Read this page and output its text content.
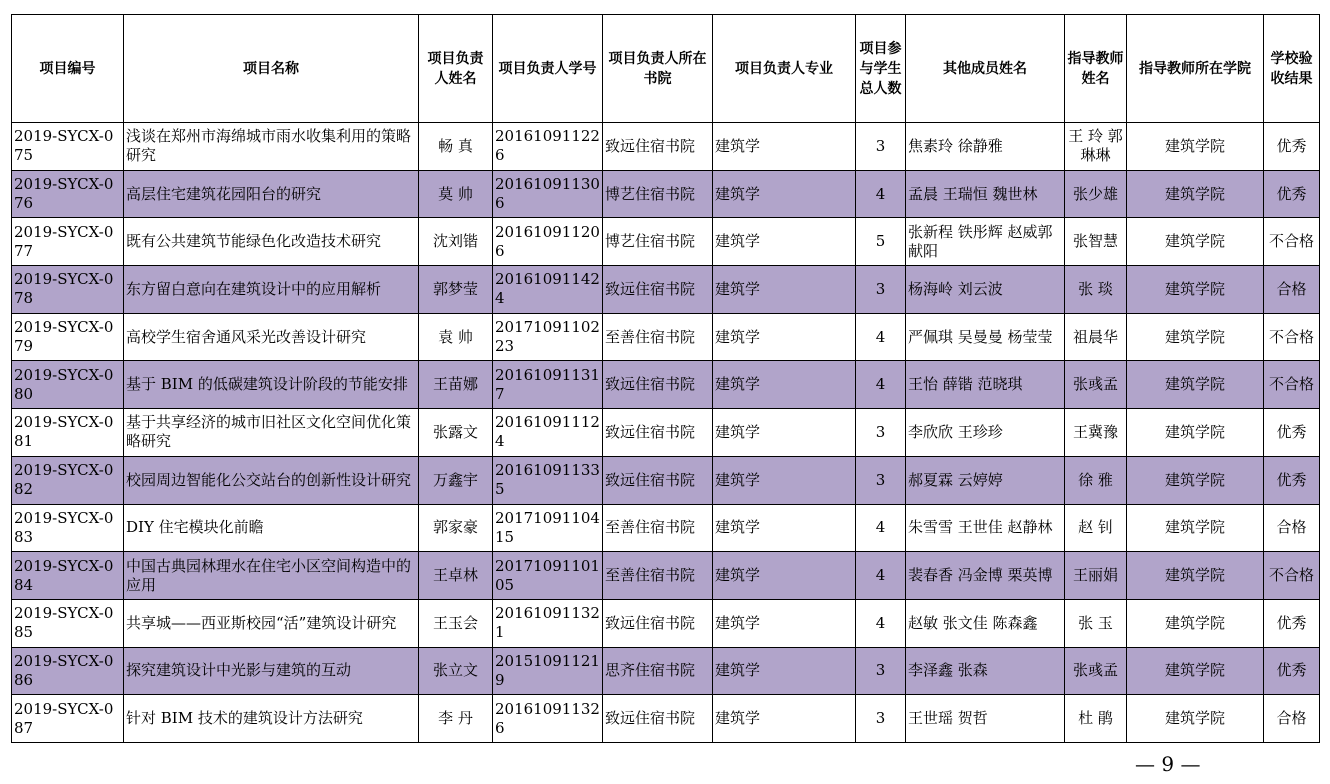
项目编号	项目名称	项目负责人姓名	项目负责人学号	项目负责人所在书院	项目负责人专业	项目参与学生总人数	其他成员姓名	指导教师姓名	指导教师所在学院	学校验收结果
2019-SYCX-075	浅谈在郑州市海绵城市雨水收集利用的策略研究	畅 真	201610911226	致远住宿书院	建筑学	3	焦素玲 徐静雅	王 玲 郭琳琳	建筑学院	优秀
2019-SYCX-076	高层住宅建筑花园阳台的研究	莫 帅	201610911306	博艺住宿书院	建筑学	4	孟晨 王瑞恒 魏世林	张少雄	建筑学院	优秀
2019-SYCX-077	既有公共建筑节能绿色化改造技术研究	沈刘锴	201610911206	博艺住宿书院	建筑学	5	张新程 铁彤辉 赵威郭献阳	张智慧	建筑学院	不合格
2019-SYCX-078	东方留白意向在建筑设计中的应用解析	郭梦莹	201610911424	致远住宿书院	建筑学	3	杨海岭 刘云波	张 琰	建筑学院	合格
2019-SYCX-079	高校学生宿舍通风采光改善设计研究	袁 帅	2017109110223	至善住宿书院	建筑学	4	严佩琪 吴曼曼 杨莹莹	祖晨华	建筑学院	不合格
2019-SYCX-080	基于 BIM 的低碳建筑设计阶段的节能安排	王苗娜	201610911317	致远住宿书院	建筑学	4	王怡 薛锴 范晓琪	张彧孟	建筑学院	不合格
2019-SYCX-081	基于共享经济的城市旧社区文化空间优化策略研究	张露文	201610911124	致远住宿书院	建筑学	3	李欣欣 王珍珍	王冀豫	建筑学院	优秀
2019-SYCX-082	校园周边智能化公交站台的创新性设计研究	万鑫宇	201610911335	致远住宿书院	建筑学	3	郝夏霖 云婷婷	徐 雅	建筑学院	优秀
2019-SYCX-083	DIY 住宅模块化前瞻	郭家豪	2017109110415	至善住宿书院	建筑学	4	朱雪雪 王世佳 赵静林	赵 钊	建筑学院	合格
2019-SYCX-084	中国古典园林理水在住宅小区空间构造中的应用	王卓林	2017109110105	至善住宿书院	建筑学	4	裴春香 冯金博 栗英博	王丽娟	建筑学院	不合格
2019-SYCX-085	共享城——西亚斯校园“活”建筑设计研究	王玉会	201610911321	致远住宿书院	建筑学	4	赵敏 张文佳 陈森鑫	张 玉	建筑学院	优秀
2019-SYCX-086	探究建筑设计中光影与建筑的互动	张立文	201510911219	思齐住宿书院	建筑学	3	李泽鑫 张森	张彧孟	建筑学院	优秀
2019-SYCX-087	针对 BIM 技术的建筑设计方法研究	李 丹	201610911326	致远住宿书院	建筑学	3	王世瑶 贺哲	杜 鹃	建筑学院	合格
— 9 —
